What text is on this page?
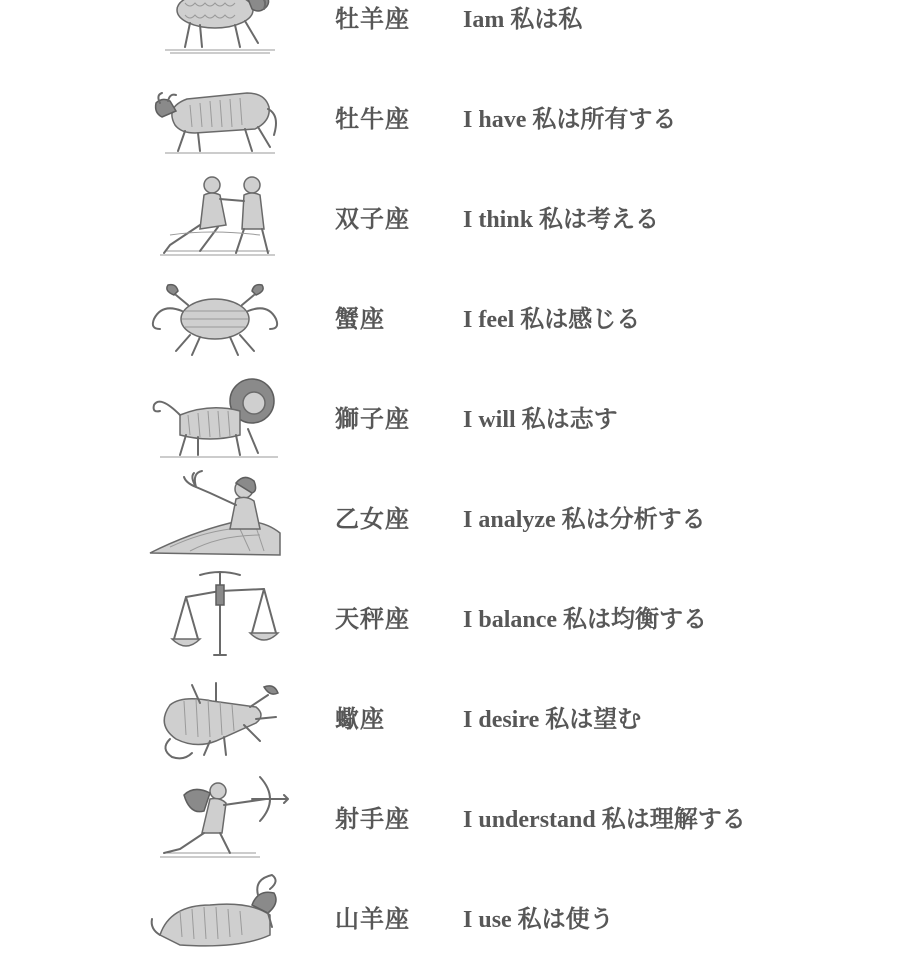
牡羊座 Iam 私は私
牡牛座 I have 私は所有する
双子座 I think 私は考える
蟹座	I feel 私は感じる
獅子座 I will 私は志す
乙女座 I analyze 私は分析する
天秤座 I balance 私は均衡する
蠍座	I desire 私は望む
射手座 I understand 私は理解する
山羊座 I use 私は使う
